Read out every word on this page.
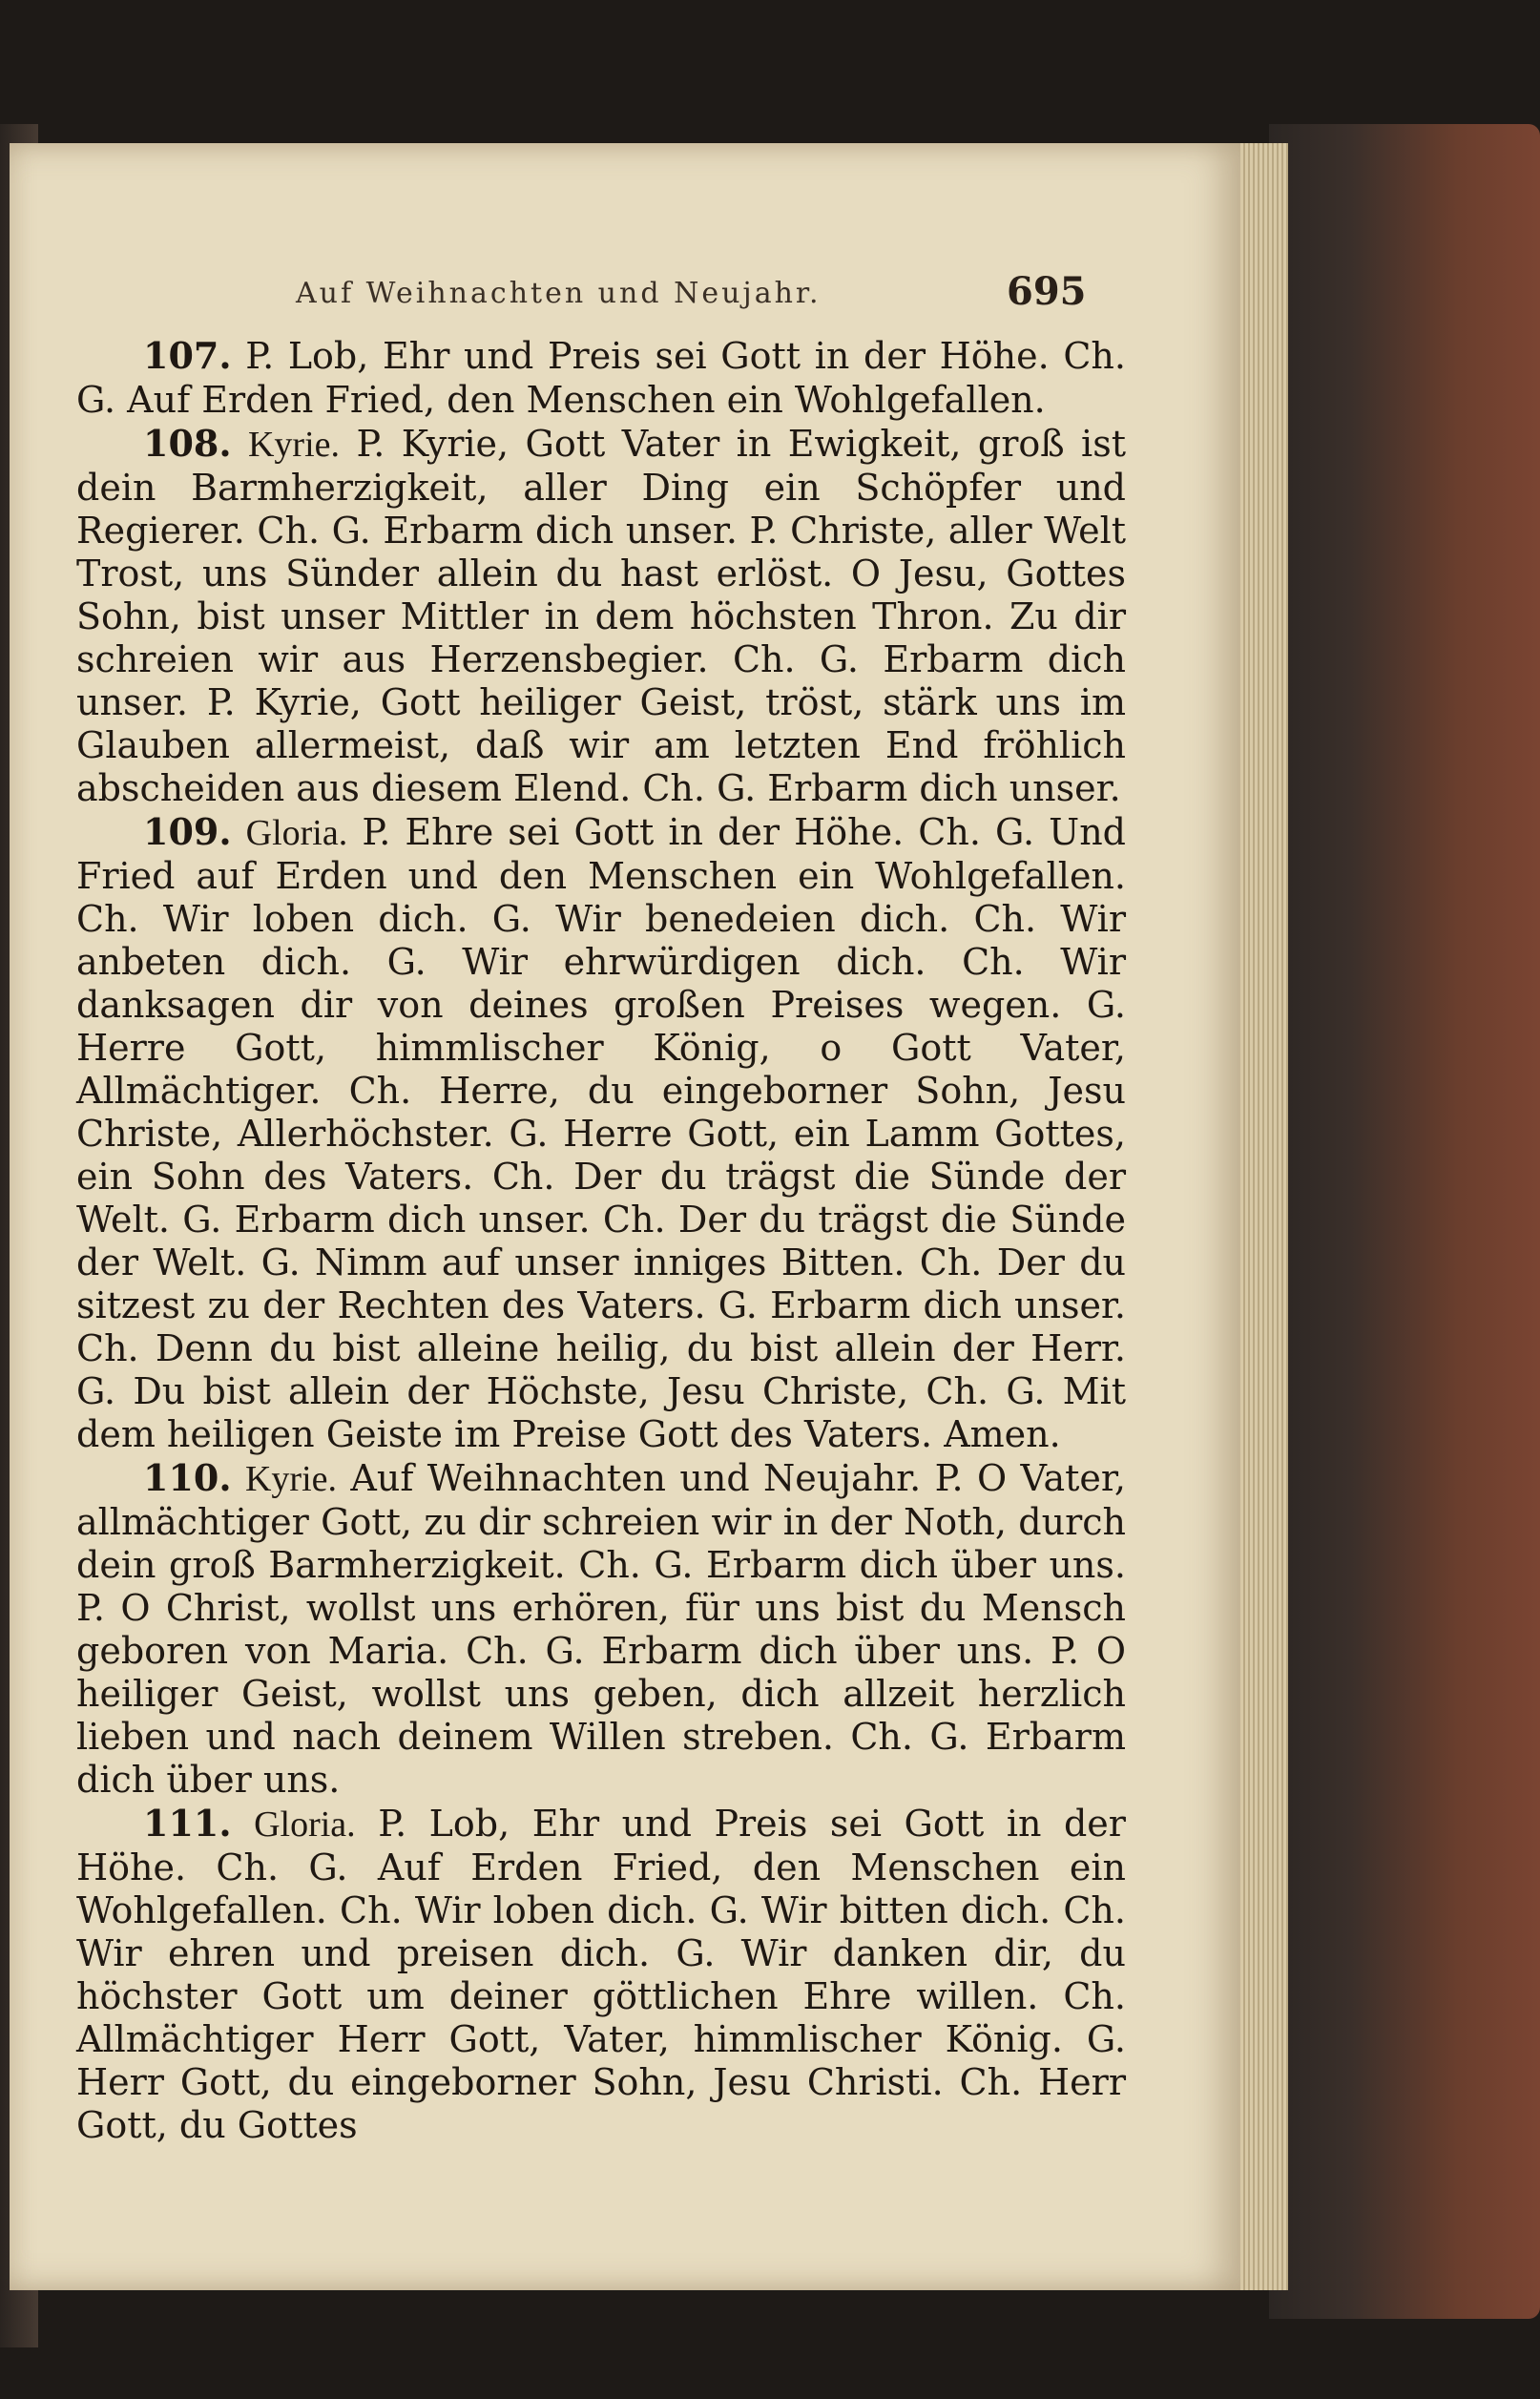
Auf Weihnachten und Neujahr.	695

107. P. Lob, Ehr und Preis sei Gott in der Höhe. Ch. G. Auf Erden Fried, den Menschen ein Wohlgefallen.

108. Kyrie. P. Kyrie, Gott Vater in Ewigkeit, groß ist dein Barmherzigkeit, aller Ding ein Schöpfer und Regierer. Ch. G. Erbarm dich unser. P. Christe, aller Welt Trost, uns Sünder allein du hast erlöst. O Jesu, Gottes Sohn, bist unser Mittler in dem höchsten Thron. Zu dir schreien wir aus Herzensbegier. Ch. G. Erbarm dich unser. P. Kyrie, Gott heiliger Geist, tröst, stärk uns im Glauben allermeist, daß wir am letzten End fröhlich abscheiden aus diesem Elend. Ch. G. Erbarm dich unser.

109. Gloria. P. Ehre sei Gott in der Höhe. Ch. G. Und Fried auf Erden und den Menschen ein Wohlgefallen. Ch. Wir loben dich. G. Wir benedeien dich. Ch. Wir anbeten dich. G. Wir ehrwürdigen dich. Ch. Wir danksagen dir von deines großen Preises wegen. G. Herre Gott, himmlischer König, o Gott Vater, Allmächtiger. Ch. Herre, du eingeborner Sohn, Jesu Christe, Allerhöchster. G. Herre Gott, ein Lamm Gottes, ein Sohn des Vaters. Ch. Der du trägst die Sünde der Welt. G. Erbarm dich unser. Ch. Der du trägst die Sünde der Welt. G. Nimm auf unser inniges Bitten. Ch. Der du sitzest zu der Rechten des Vaters. G. Erbarm dich unser. Ch. Denn du bist alleine heilig, du bist allein der Herr. G. Du bist allein der Höchste, Jesu Christe, Ch. G. Mit dem heiligen Geiste im Preise Gott des Vaters. Amen.

110. Kyrie. Auf Weihnachten und Neujahr. P. O Vater, allmächtiger Gott, zu dir schreien wir in der Noth, durch dein groß Barmherzigkeit. Ch. G. Erbarm dich über uns. P. O Christ, wollst uns erhören, für uns bist du Mensch geboren von Maria. Ch. G. Erbarm dich über uns. P. O heiliger Geist, wollst uns geben, dich allzeit herzlich lieben und nach deinem Willen streben. Ch. G. Erbarm dich über uns.

111. Gloria. P. Lob, Ehr und Preis sei Gott in der Höhe. Ch. G. Auf Erden Fried, den Menschen ein Wohlgefallen. Ch. Wir loben dich. G. Wir bitten dich. Ch. Wir ehren und preisen dich. G. Wir danken dir, du höchster Gott um deiner göttlichen Ehre willen. Ch. Allmächtiger Herr Gott, Vater, himmlischer König. G. Herr Gott, du eingeborner Sohn, Jesu Christi. Ch. Herr Gott, du Gottes
